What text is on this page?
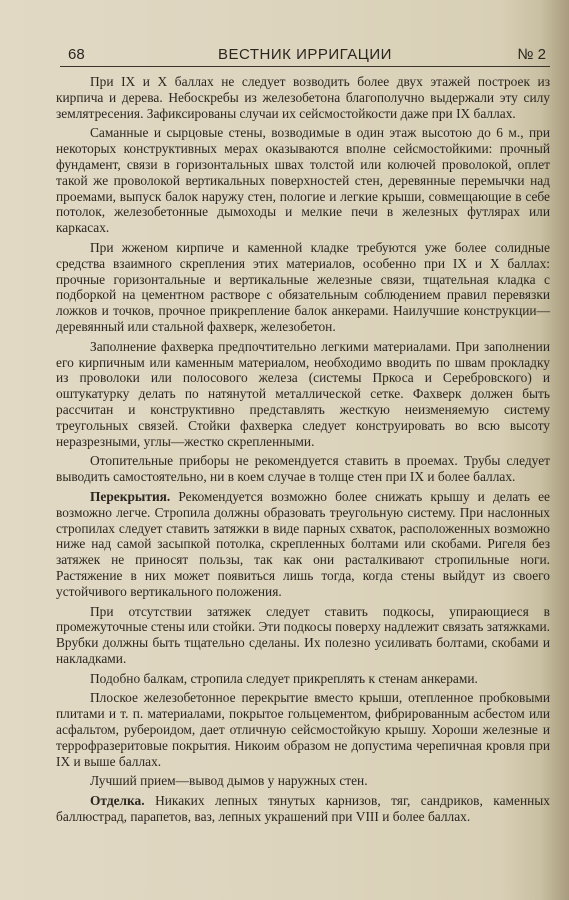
68	ВЕСТНИК ИРРИГАЦИИ	№ 2

При IX и X баллах не следует возводить более двух этажей построек из кирпича и дерева. Небоскребы из железобетона благополучно выдержали эту силу землятресения. Зафиксированы случаи их сейсмостойкости даже при IX баллах.

Саманные и сырцовые стены, возводимые в один этаж высотою до 6 м., при некоторых конструктивных мерах оказываются вполне сейсмостойкими: прочный фундамент, связи в горизонтальных швах толстой или колючей проволокой, оплет такой же проволокой вертикальных поверхностей стен, деревянные перемычки над проемами, выпуск балок наружу стен, пологие и легкие крыши, совмещающие в себе потолок, железобетонные дымоходы и мелкие печи в железных футлярах или каркасах.

При жженом кирпиче и каменной кладке требуются уже более солидные средства взаимного скрепления этих материалов, особенно при IX и X баллах: прочные горизонтальные и вертикальные железные связи, тщательная кладка с подборкой на цементном растворе с обязательным соблюдением правил перевязки ложков и точков, прочное прикрепление балок анкерами. Наилучшие конструкции—деревянный или стальной фахверк, железобетон.

Заполнение фахверка предпочтительно легкими материалами. При заполнении его кирпичным или каменным материалом, необходимо вводить по швам прокладку из проволоки или полосового железа (системы Пркоса и Серебровского) и оштукатурку делать по натянутой металлической сетке. Фахверк должен быть рассчитан и конструктивно представлять жесткую неизменяемую систему треугольных связей. Стойки фахверка следует конструировать во всю высоту неразрезными, углы—жестко скрепленными.

Отопительные приборы не рекомендуется ставить в проемах. Трубы следует выводить самостоятельно, ни в коем случае в толще стен при IX и более баллах.

Перекрытия. Рекомендуется возможно более снижать крышу и делать ее возможно легче. Стропила должны образовать треугольную систему. При наслонных стропилах следует ставить затяжки в виде парных схваток, расположенных возможно ниже над самой засыпкой потолка, скрепленных болтами или скобами. Ригеля без затяжек не приносят пользы, так как они расталкивают стропильные ноги. Растяжение в них может появиться лишь тогда, когда стены выйдут из своего устойчивого вертикального положения.

При отсутствии затяжек следует ставить подкосы, упирающиеся в промежуточные стены или стойки. Эти подкосы поверху надлежит связать затяжками. Врубки должны быть тщательно сделаны. Их полезно усиливать болтами, скобами и накладками.

Подобно балкам, стропила следует прикреплять к стенам анкерами.

Плоское железобетонное перекрытие вместо крыши, отепленное пробковыми плитами и т. п. материалами, покрытое гольцементом, фибрированным асбестом или асфальтом, рубероидом, дает отличную сейсмостойкую крышу. Хороши железные и террофразеритовые покрытия. Никоим образом не допустима черепичная кровля при IX и выше баллах.

Лучший прием—вывод дымов у наружных стен.

Отделка. Никаких лепных тянутых карнизов, тяг, сандриков, каменных баллюстрад, парапетов, ваз, лепных украшений при VIII и более баллах.
